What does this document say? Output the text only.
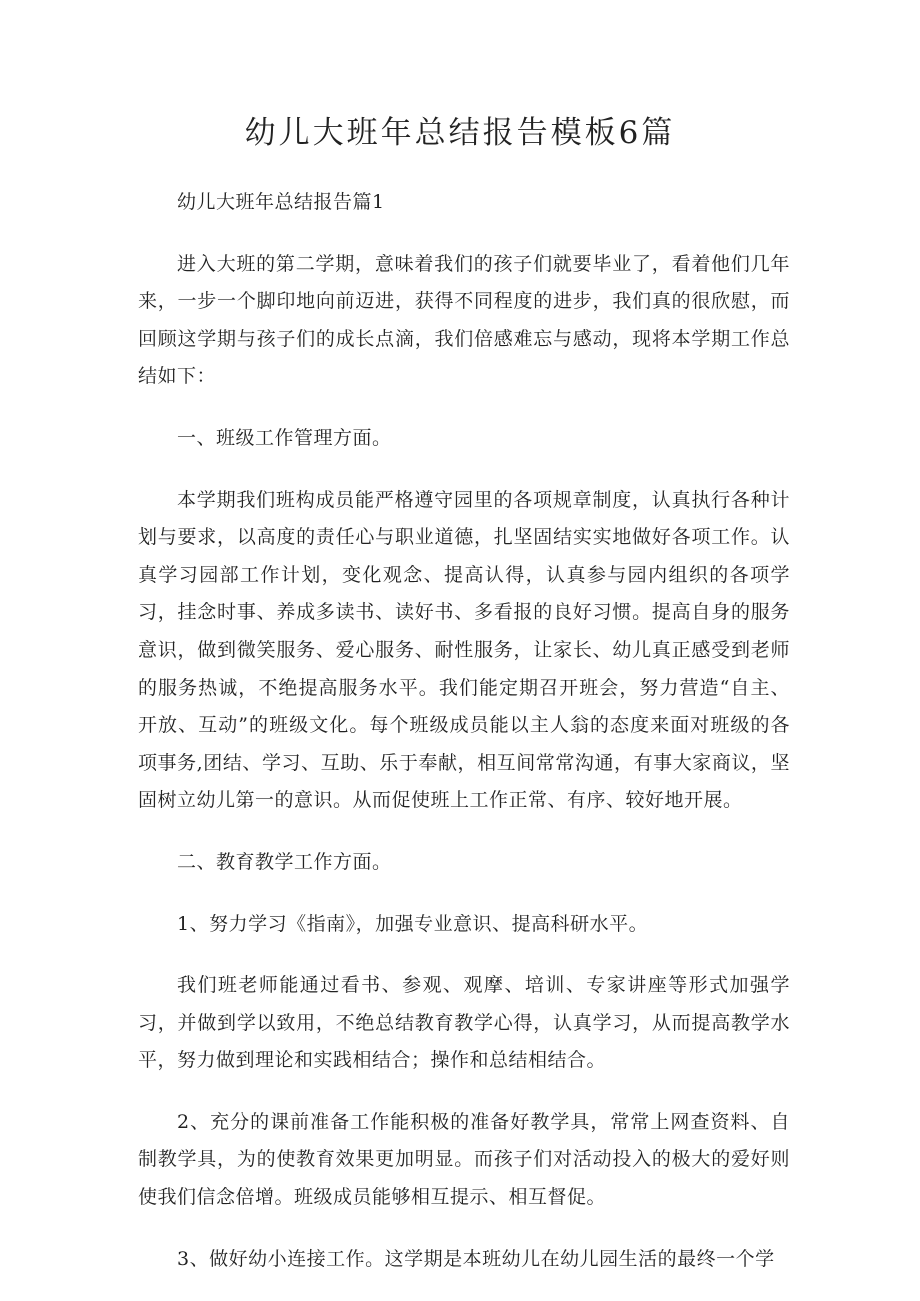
幼儿大班年总结报告模板6篇

幼儿大班年总结报告篇1

进入大班的第二学期，意味着我们的孩子们就要毕业了，看着他们几年来，一步一个脚印地向前迈进，获得不同程度的进步，我们真的很欣慰，而回顾这学期与孩子们的成长点滴，我们倍感难忘与感动，现将本学期工作总结如下：

一、班级工作管理方面。

本学期我们班构成员能严格遵守园里的各项规章制度，认真执行各种计划与要求，以高度的责任心与职业道德，扎坚固结实实地做好各项工作。认真学习园部工作计划，变化观念、提高认得，认真参与园内组织的各项学习，挂念时事、养成多读书、读好书、多看报的良好习惯。提高自身的服务意识，做到微笑服务、爱心服务、耐性服务，让家长、幼儿真正感受到老师的服务热诚，不绝提高服务水平。我们能定期召开班会，努力营造“自主、开放、互动”的班级文化。每个班级成员能以主人翁的态度来面对班级的各项事务,团结、学习、互助、乐于奉献，相互间常常沟通，有事大家商议，坚固树立幼儿第一的意识。从而促使班上工作正常、有序、较好地开展。

二、教育教学工作方面。

1、努力学习《指南》，加强专业意识、提高科研水平。

我们班老师能通过看书、参观、观摩、培训、专家讲座等形式加强学习，并做到学以致用，不绝总结教育教学心得，认真学习，从而提高教学水平，努力做到理论和实践相结合；操作和总结相结合。

2、充分的课前准备工作能积极的准备好教学具，常常上网查资料、自制教学具，为的使教育效果更加明显。而孩子们对活动投入的极大的爱好则使我们信念倍增。班级成员能够相互提示、相互督促。

3、做好幼小连接工作。这学期是本班幼儿在幼儿园生活的最终一个学
